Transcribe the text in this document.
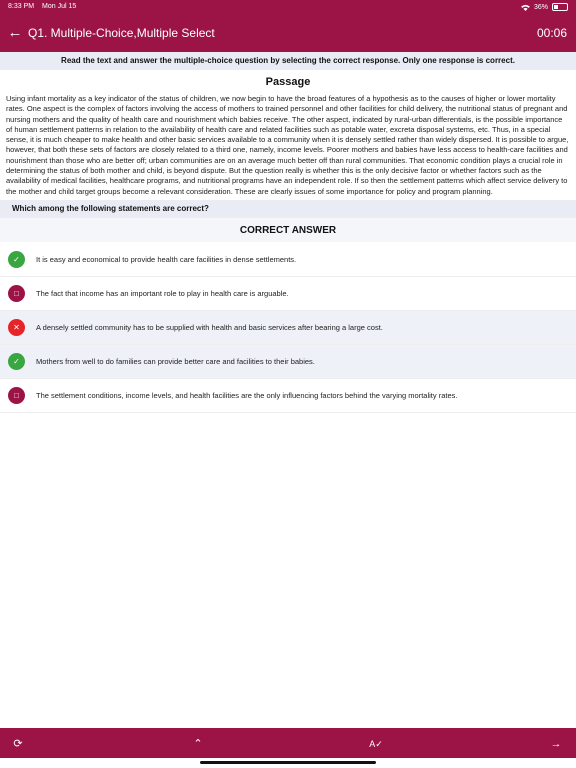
8:33 PM Mon Jul 15	36%
← Q1. Multiple-Choice,Multiple Select	00:06
Read the text and answer the multiple-choice question by selecting the correct response. Only one response is correct.
Passage

Using infant mortality as a key indicator of the status of children, we now begin to have the broad features of a hypothesis as to the causes of higher or lower mortality rates. One aspect is the complex of factors involving the access of mothers to trained personnel and other facilities for child delivery, the nutritional status of pregnant and nursing mothers and the quality of health care and nourishment which babies receive. The other aspect, indicated by rural-urban differentials, is the possible importance of human settlement patterns in relation to the availability of health care and related facilities such as potable water, excreta disposal systems, etc. Thus, in a special sense, it is much cheaper to make health and other basic services available to a community when it is densely settled rather than widely dispersed. It is possible to argue, however, that both these sets of factors are closely related to a third one, namely, income levels. Poorer mothers and babies have less access to health-care facilities and nourishment than those who are better off; urban communities are on an average much better off than rural communities. That economic condition plays a crucial role in determining the status of both mother and child, is beyond dispute. But the question really is whether this is the only decisive factor or whether factors such as the availability of medical facilities, healthcare programs, and nutritional programs have an independent role. If so then the settlement patterns which affect service delivery to the mother and child target groups become a relevant consideration. These are clearly issues of some importance for policy and program planning.

Which among the following statements are correct?
CORRECT ANSWER
✓	It is easy and economical to provide health care facilities in dense settlements.
□	The fact that income has an important role to play in health care is arguable.
✕	A densely settled community has to be supplied with health and basic services after bearing a large cost.
✓	Mothers from well to do families can provide better care and facilities to their babies.
□	The settlement conditions, income levels, and health facilities are the only influencing factors behind the varying mortality rates.
⟳	⌃	A✓	→
